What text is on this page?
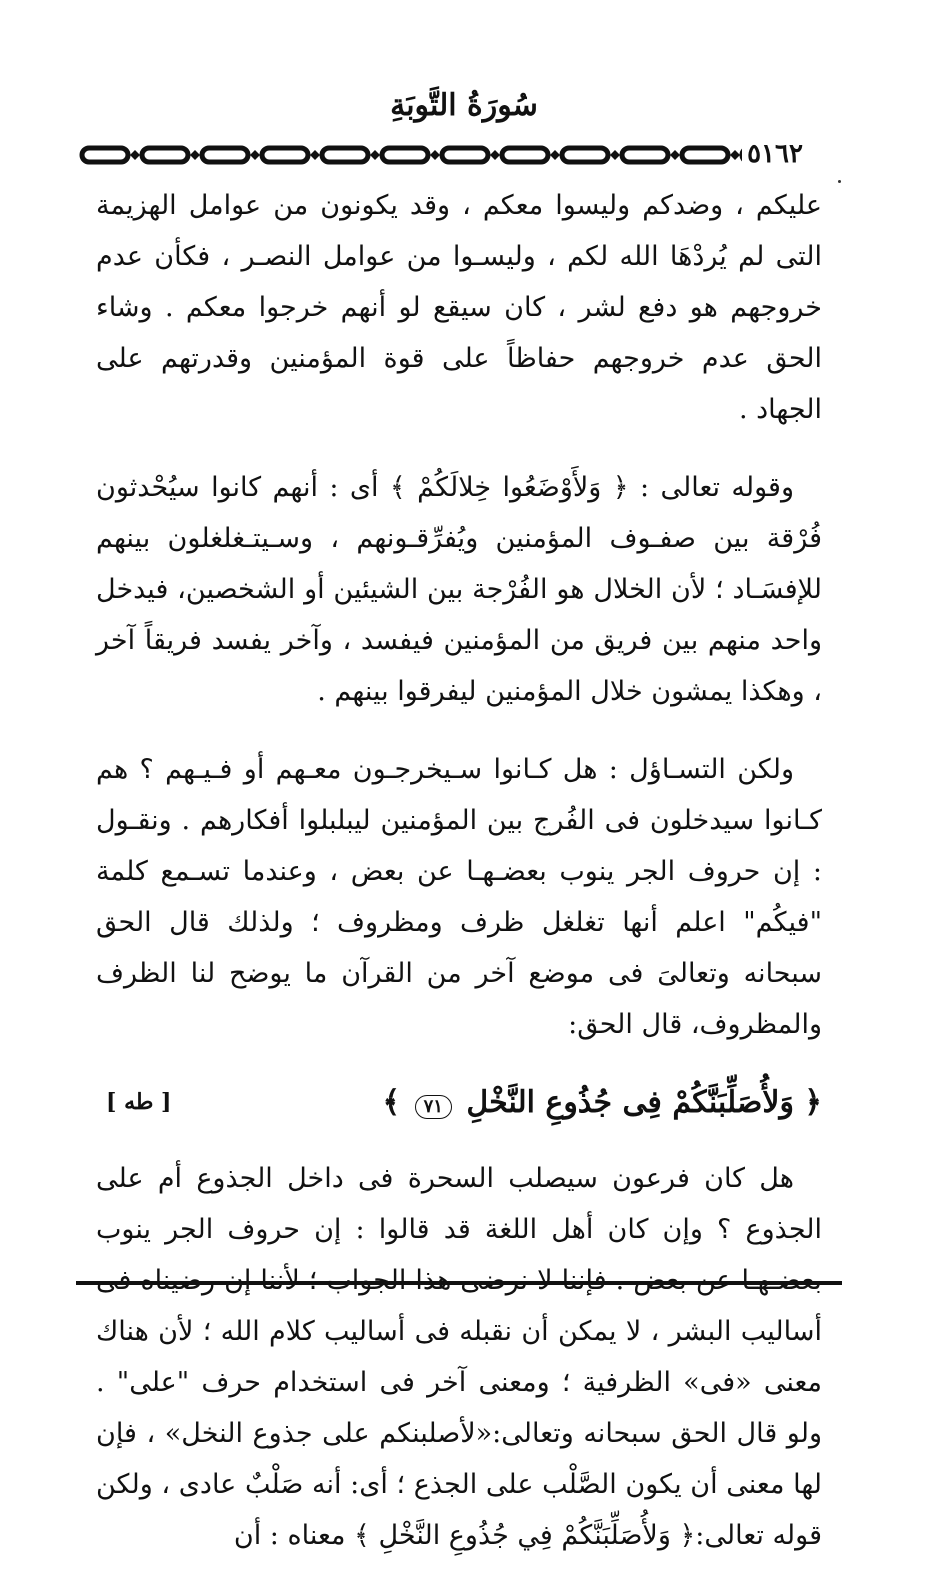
سُورَةُ التَّوبَةِ
٥١٦٢

عليكم ، وضدكم وليسوا معكم ، وقد يكونون من عوامل الهزيمة التى لم يُردْهَا الله لكم ، وليسـوا من عوامل النصـر ، فكأن عدم خروجهم هو دفع لشر ، كان سيقع لو أنهم خرجوا معكم . وشاء الحق عدم خروجهم حفاظاً على قوة المؤمنين وقدرتهم على الجهاد .

وقوله تعالى : ﴿ وَلأَوْضَعُوا خِلالَكُمْ ﴾ أى : أنهم كانوا سيُحْدثون فُرْقة بين صفـوف المؤمنين ويُفرِّقـونهم ، وسـيتـغلغلون بينهم للإفسَـاد ؛ لأن الخلال هو الفُرْجة بين الشيئين أو الشخصين، فيدخل واحد منهم بين فريق من المؤمنين فيفسد ، وآخر يفسد فريقاً آخر ، وهكذا يمشون خلال المؤمنين ليفرقوا بينهم .

ولكن التسـاؤل : هل كـانوا سـيخرجـون معـهم أو فـيـهم ؟ هم كـانوا سيدخلون فى الفُرج بين المؤمنين ليبلبلوا أفكارهم . ونقـول : إن حروف الجر ينوب بعضـهـا عن بعض ، وعندما تسـمع كلمة "فيكُم" اعلم أنها تغلغل ظرف ومظروف ؛ ولذلك قال الحق سبحانه وتعالىَ فى موضع آخر من القرآن ما يوضح لنا الظرف والمظروف، قال الحق:

﴿ وَلأُصَلِّبَنَّكُمْ فِى جُذُوعِ النَّخْلِ ٧١ ﴾
[ طه ]

هل كان فرعون سيصلب السحرة فى داخل الجذوع أم على الجذوع ؟ وإن كان أهل اللغة قد قالوا : إن حروف الجر ينوب أساليب البشر ، لا يمكن أن نقبله فى أساليب كلام الله ؛ لأن هناك معنى «فى» الظرفية ؛ ومعنى آخر فى استخدام حرف "على" . ولو قال الحق سبحانه وتعالى:«لأصلبنكم على جذوع النخل» ، فإن لها معنى أن يكون الصَّلْب على الجذع ؛ أى: أنه صَلْبٌ عادى ، ولكن قوله تعالى:﴿ وَلأُصَلِّبَنَّكُمْ فِي جُذُوعِ النَّخْلِ ﴾ معناه : أن
